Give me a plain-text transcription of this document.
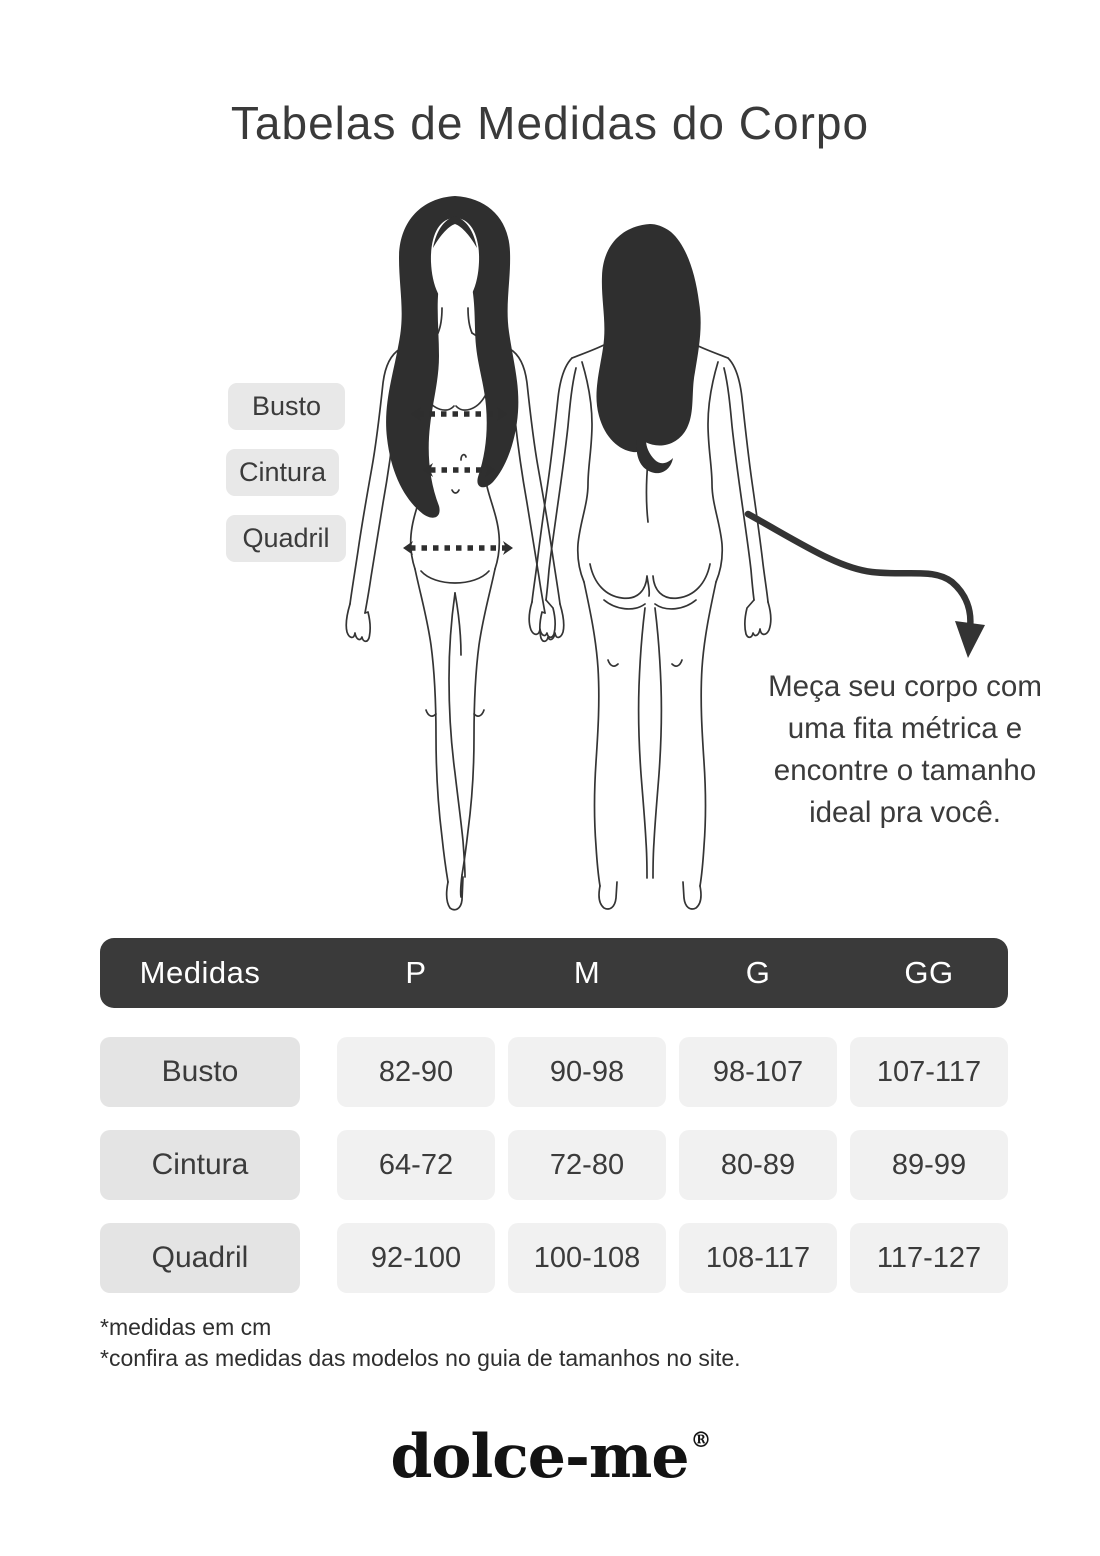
Tabelas de Medidas do Corpo
Busto
Cintura
Quadril
Meça seu corpo com
uma fita métrica e
encontre o tamanho
ideal pra você.
Medidas	P	M	G	GG
Busto	82-90	90-98	98-107	107-117
Cintura	64-72	72-80	80-89	89-99
Quadril	92-100	100-108	108-117	117-127
*medidas em cm
*confira as medidas das modelos no guia de tamanhos no site.
dolce-me®
